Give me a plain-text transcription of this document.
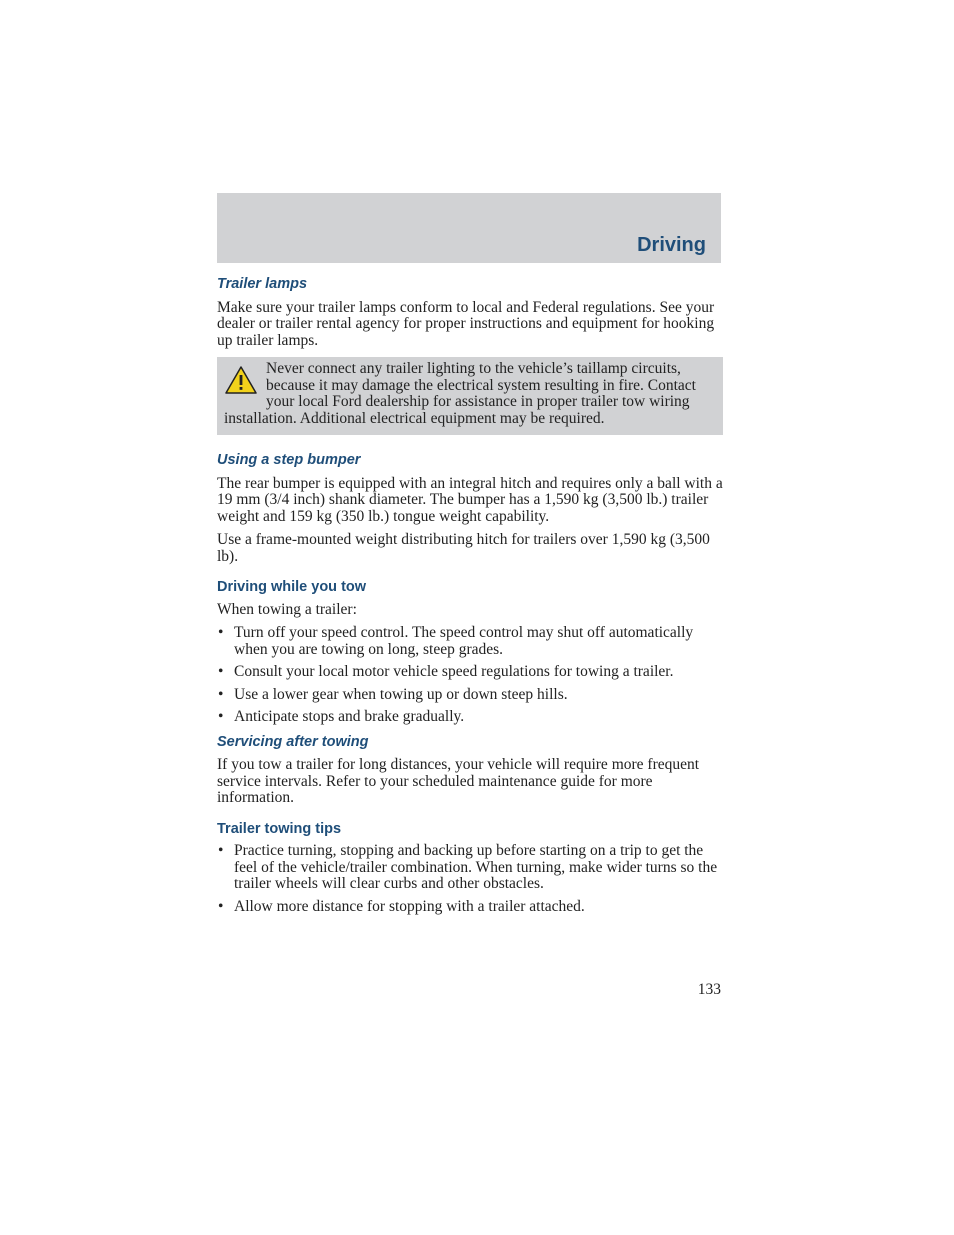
Driving
Trailer lamps

Make sure your trailer lamps conform to local and Federal regulations. See your dealer or trailer rental agency for proper instructions and equipment for hooking up trailer lamps.

Never connect any trailer lighting to the vehicle’s taillamp circuits, because it may damage the electrical system resulting in fire. Contact your local Ford dealership for assistance in proper trailer tow wiring installation. Additional electrical equipment may be required.
Using a step bumper

The rear bumper is equipped with an integral hitch and requires only a ball with a 19 mm (3/4 inch) shank diameter. The bumper has a 1,590 kg (3,500 lb.) trailer weight and 159 kg (350 lb.) tongue weight capability.

Use a frame-mounted weight distributing hitch for trailers over 1,590 kg (3,500 lb).

Driving while you tow

When towing a trailer:

• Turn off your speed control. The speed control may shut off automatically when you are towing on long, steep grades.
• Consult your local motor vehicle speed regulations for towing a trailer.
• Use a lower gear when towing up or down steep hills.
• Anticipate stops and brake gradually.
Servicing after towing

If you tow a trailer for long distances, your vehicle will require more frequent service intervals. Refer to your scheduled maintenance guide for more information.

Trailer towing tips
• Practice turning, stopping and backing up before starting on a trip to get the feel of the vehicle/trailer combination. When turning, make wider turns so the trailer wheels will clear curbs and other obstacles.
• Allow more distance for stopping with a trailer attached.
133
